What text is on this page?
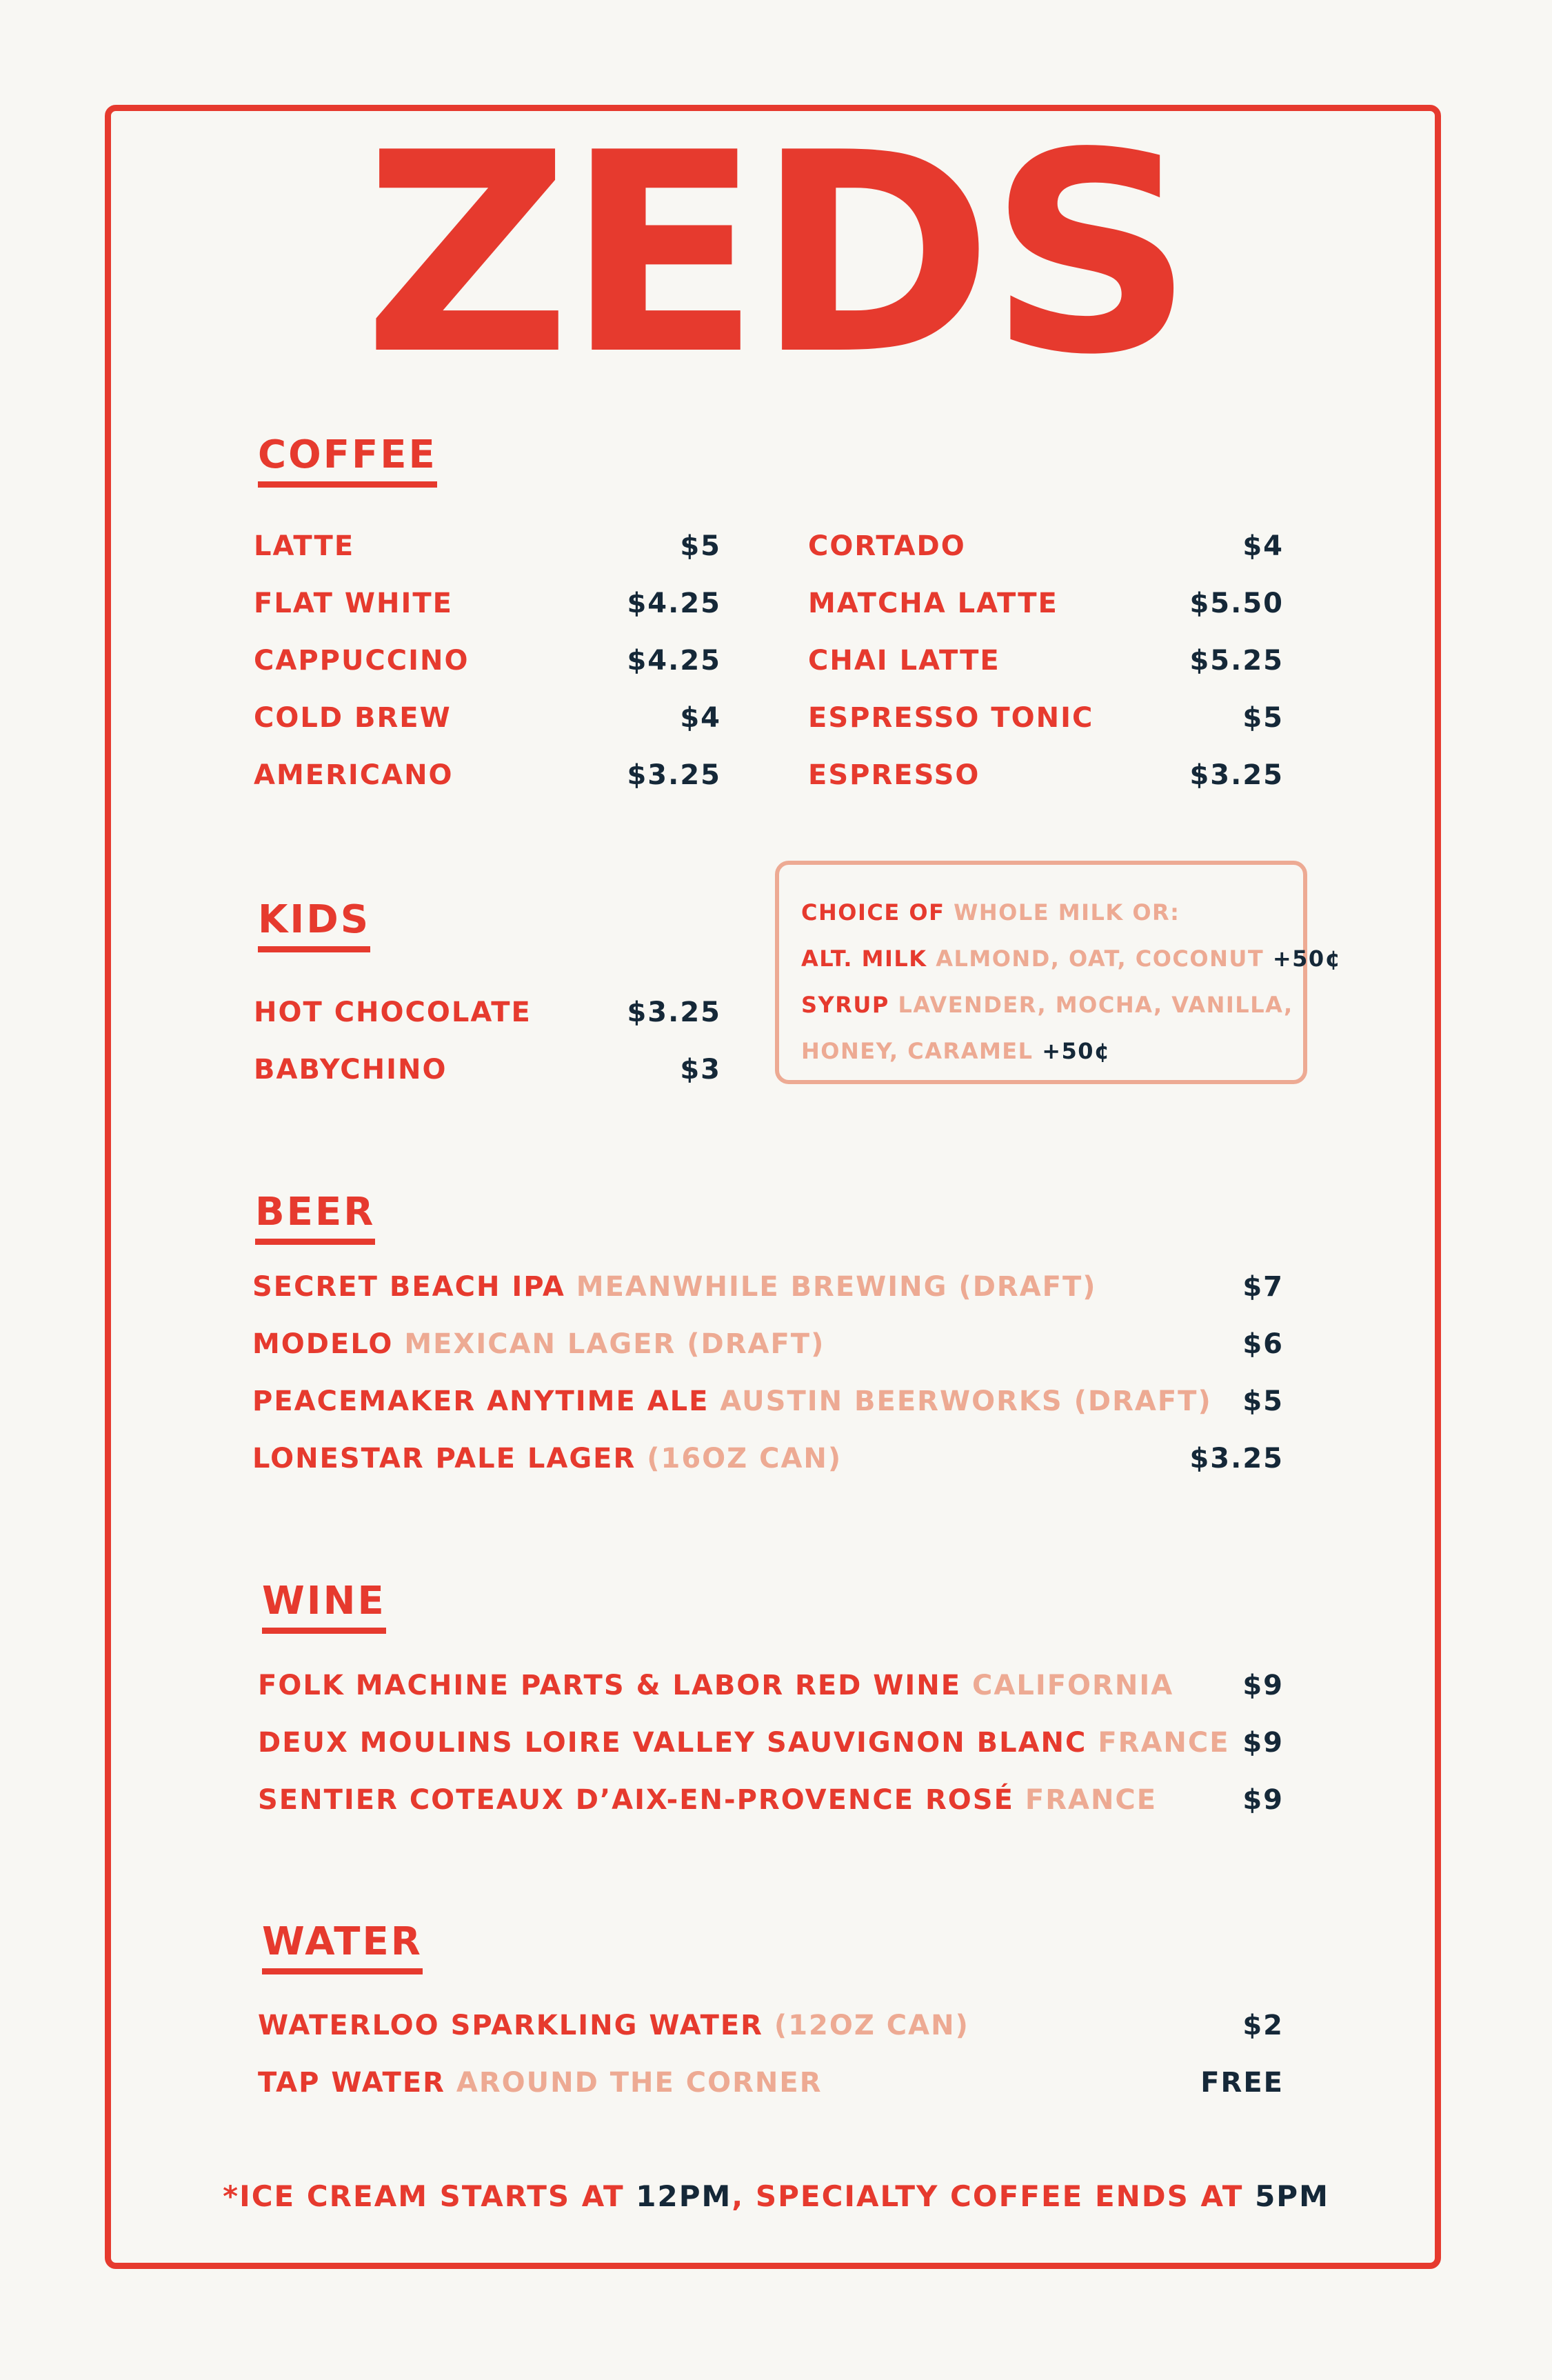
ZEDS
COFFEE
LATTE	$5
FLAT WHITE	$4.25
CAPPUCCINO	$4.25
COLD BREW	$4
AMERICANO	$3.25
CORTADO	$4
MATCHA LATTE	$5.50
CHAI LATTE	$5.25
ESPRESSO TONIC	$5
ESPRESSO	$3.25
KIDS
HOT CHOCOLATE	$3.25
BABYCHINO	$3
CHOICE OF WHOLE MILK OR:
ALT. MILK ALMOND, OAT, COCONUT +50¢
SYRUP LAVENDER, MOCHA, VANILLA,
HONEY, CARAMEL +50¢
BEER
SECRET BEACH IPA MEANWHILE BREWING (DRAFT)	$7
MODELO MEXICAN LAGER (DRAFT)	$6
PEACEMAKER ANYTIME ALE AUSTIN BEERWORKS (DRAFT) $5
LONESTAR PALE LAGER (16OZ CAN)	$3.25
WINE
FOLK MACHINE PARTS & LABOR RED WINE CALIFORNIA	$9
DEUX MOULINS LOIRE VALLEY SAUVIGNON BLANC FRANCE $9
SENTIER COTEAUX D’AIX-EN-PROVENCE ROSÉ FRANCE	$9
WATER
WATERLOO SPARKLING WATER (12OZ CAN)	$2
TAP WATER AROUND THE CORNER	FREE
*ICE CREAM STARTS AT 12PM, SPECIALTY COFFEE ENDS AT 5PM
